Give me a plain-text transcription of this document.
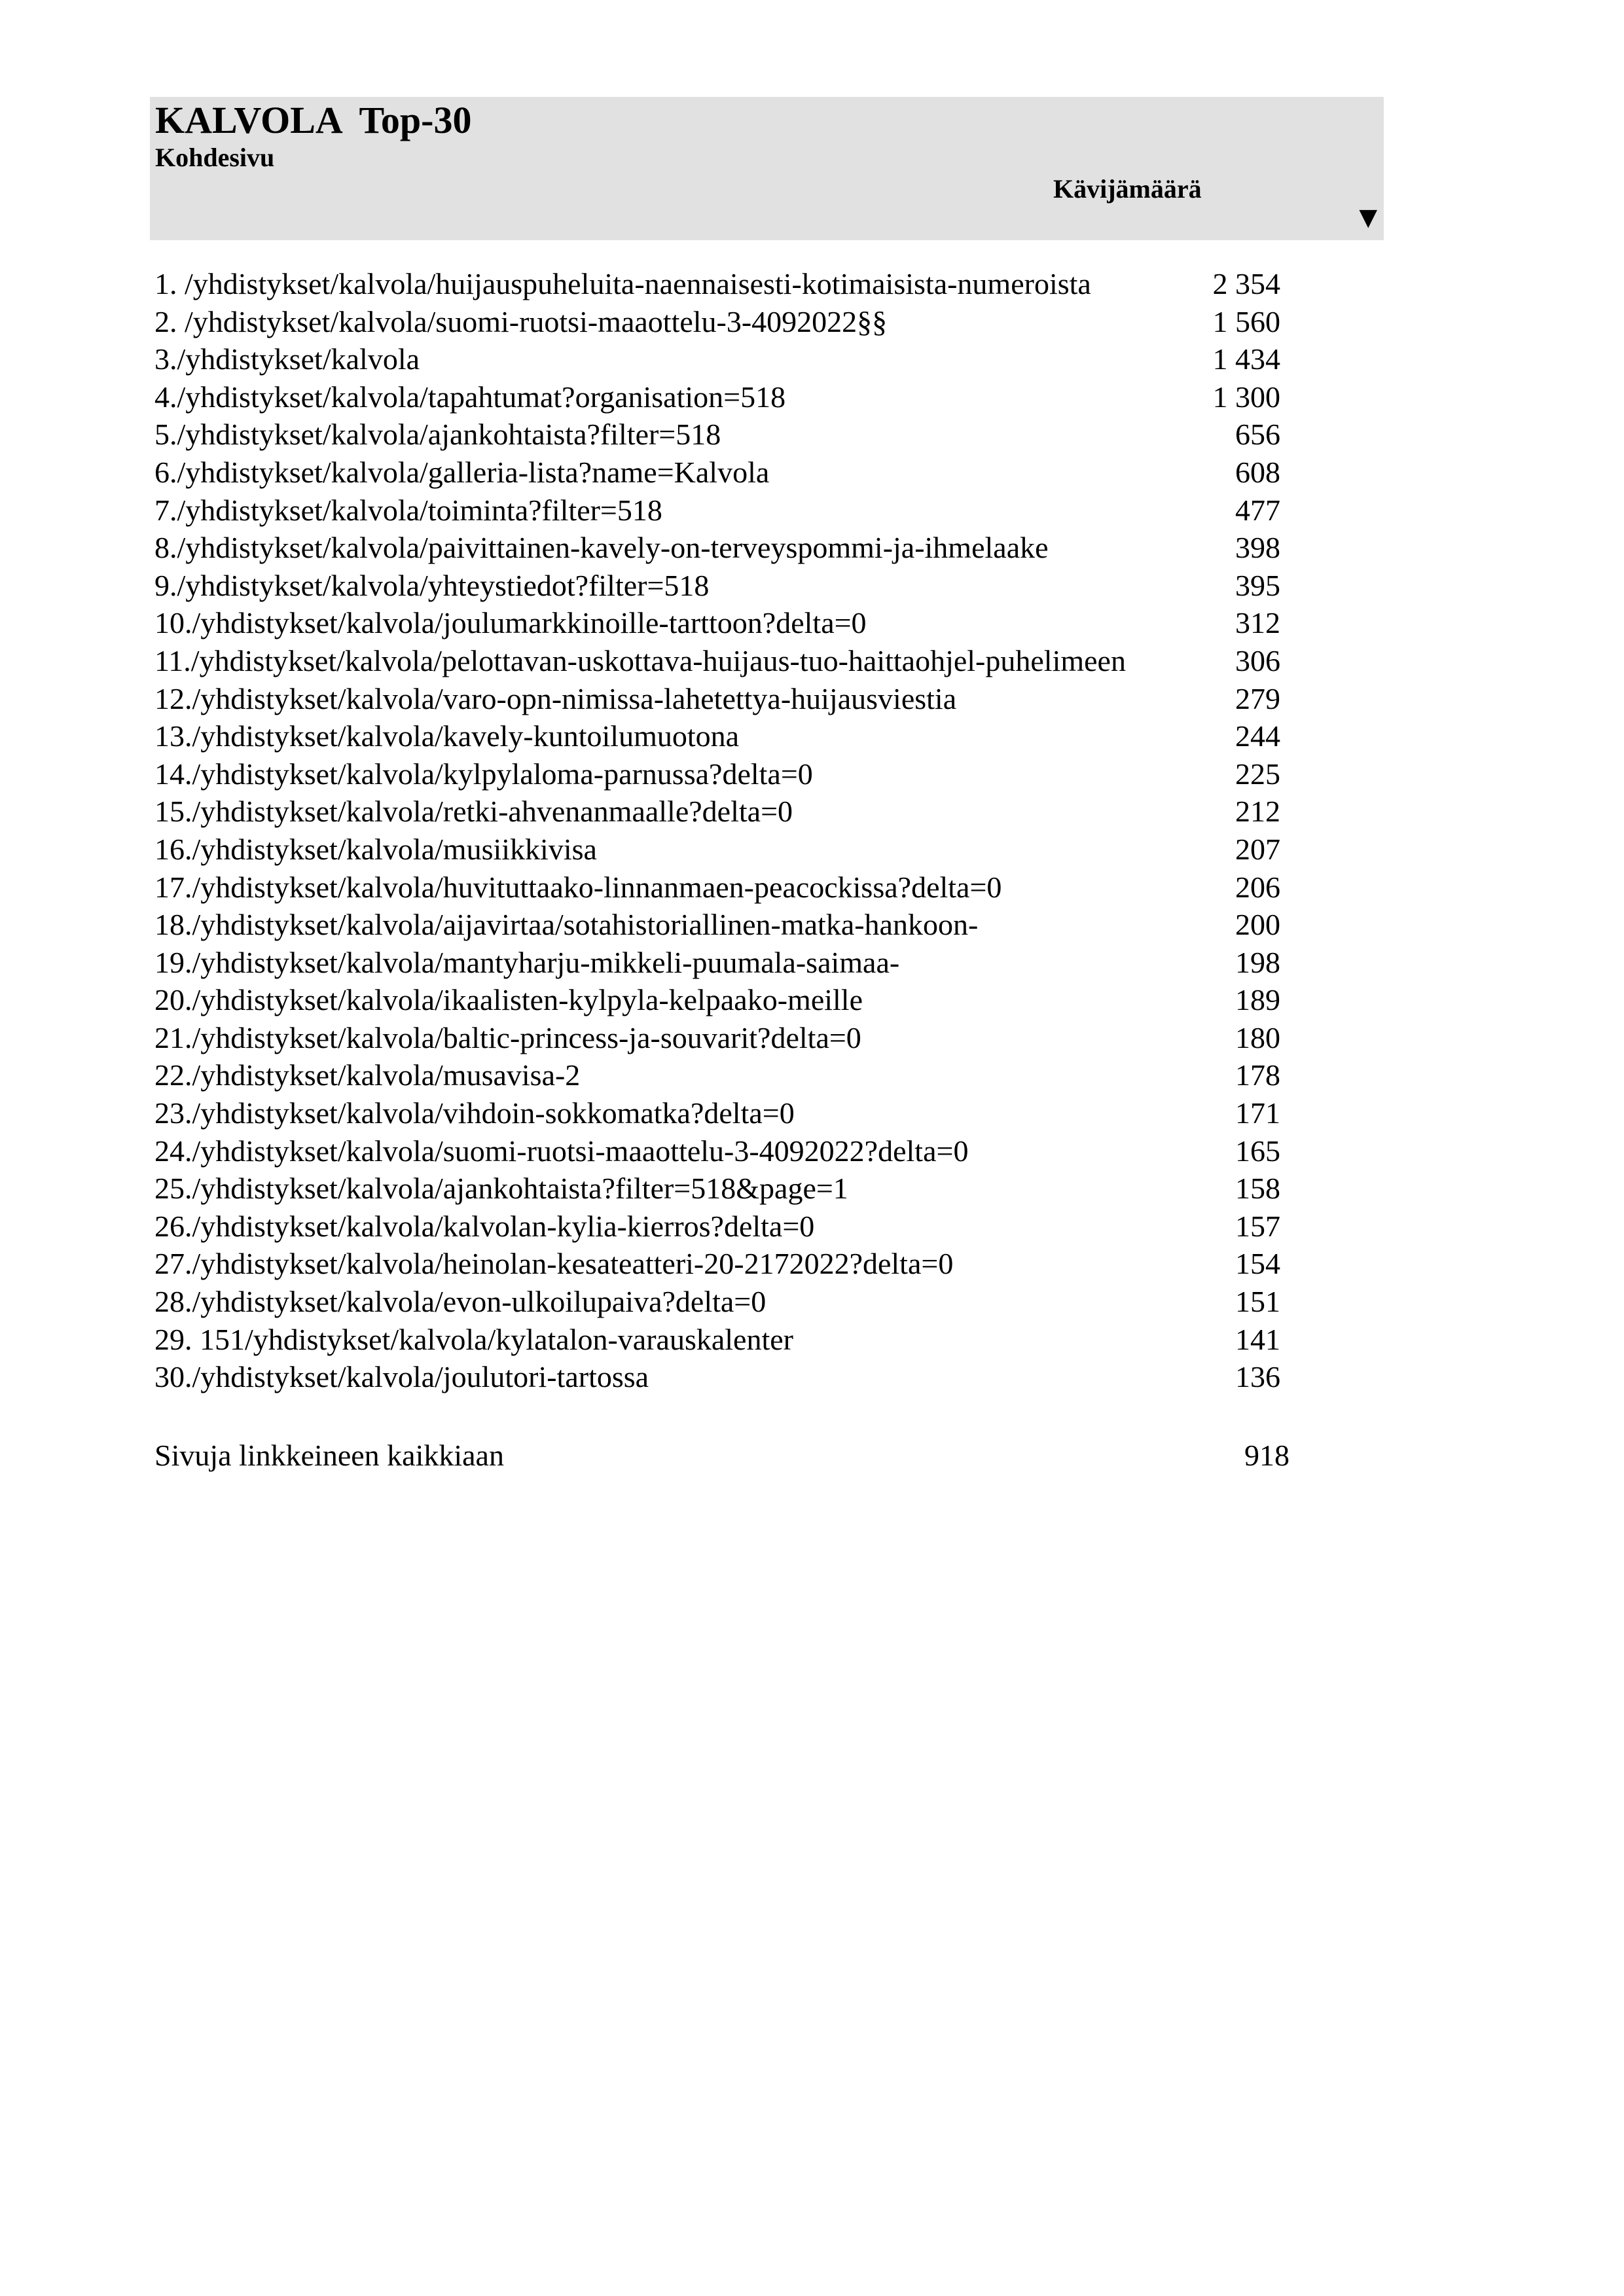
KALVOLA  Top-30
Kohdesivu
Kävijämäärä
▼
1. /yhdistykset/kalvola/huijauspuheluita-naennaisesti-kotimaisista-numeroista	2 354
2. /yhdistykset/kalvola/suomi-ruotsi-maaottelu-3-4092022§§	1 560
3./yhdistykset/kalvola	1 434
4./yhdistykset/kalvola/tapahtumat?organisation=518	1 300
5./yhdistykset/kalvola/ajankohtaista?filter=518	656
6./yhdistykset/kalvola/galleria-lista?name=Kalvola	608
7./yhdistykset/kalvola/toiminta?filter=518	477
8./yhdistykset/kalvola/paivittainen-kavely-on-terveyspommi-ja-ihmelaake	398
9./yhdistykset/kalvola/yhteystiedot?filter=518	395
10./yhdistykset/kalvola/joulumarkkinoille-tarttoon?delta=0	312
11./yhdistykset/kalvola/pelottavan-uskottava-huijaus-tuo-haittaohjel-puhelimeen	306
12./yhdistykset/kalvola/varo-opn-nimissa-lahetettya-huijausviestia	279
13./yhdistykset/kalvola/kavely-kuntoilumuotona	244
14./yhdistykset/kalvola/kylpylaloma-parnussa?delta=0	225
15./yhdistykset/kalvola/retki-ahvenanmaalle?delta=0	212
16./yhdistykset/kalvola/musiikkivisa	207
17./yhdistykset/kalvola/huvituttaako-linnanmaen-peacockissa?delta=0	206
18./yhdistykset/kalvola/aijavirtaa/sotahistoriallinen-matka-hankoon-	200
19./yhdistykset/kalvola/mantyharju-mikkeli-puumala-saimaa-	198
20./yhdistykset/kalvola/ikaalisten-kylpyla-kelpaako-meille	189
21./yhdistykset/kalvola/baltic-princess-ja-souvarit?delta=0	180
22./yhdistykset/kalvola/musavisa-2	178
23./yhdistykset/kalvola/vihdoin-sokkomatka?delta=0	171
24./yhdistykset/kalvola/suomi-ruotsi-maaottelu-3-4092022?delta=0	165
25./yhdistykset/kalvola/ajankohtaista?filter=518&page=1	158
26./yhdistykset/kalvola/kalvolan-kylia-kierros?delta=0	157
27./yhdistykset/kalvola/heinolan-kesateatteri-20-2172022?delta=0	154
28./yhdistykset/kalvola/evon-ulkoilupaiva?delta=0	151
29. 151/yhdistykset/kalvola/kylatalon-varauskalenter	141
30./yhdistykset/kalvola/joulutori-tartossa	136
Sivuja linkkeineen kaikkiaan	918
